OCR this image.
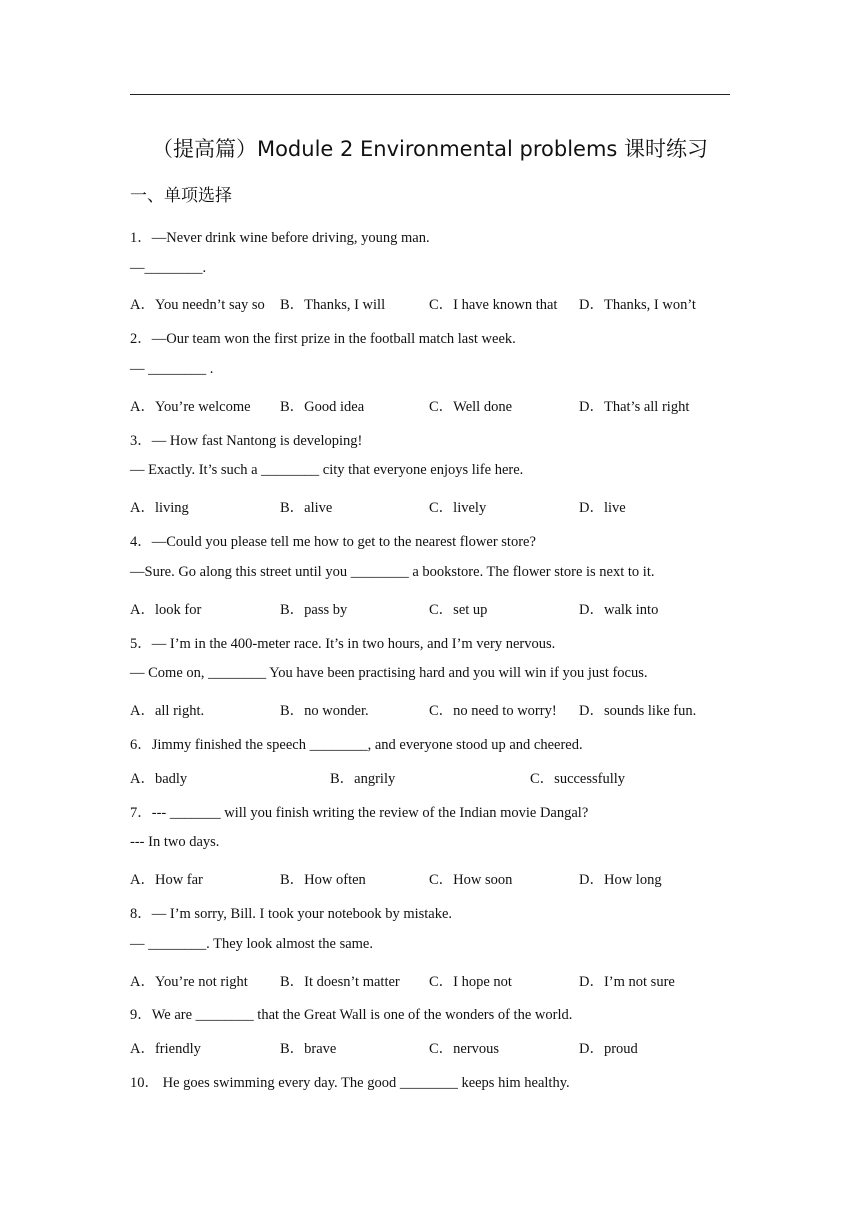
（提高篇）Module 2 Environmental problems 课时练习
一、单项选择
1．—Never drink wine before driving, young man.
—________.
A．You needn’t say so B．Thanks, I will	C．I have known that D．Thanks, I won’t
2．—Our team won the first prize in the football match last week.
— ________ .
A．You’re welcome B．Good idea	C．Well done	D．That’s all right
3．— How fast Nantong is developing!
— Exactly. It’s such a ________ city that everyone enjoys life here.
A．living	B．alive	C．lively	D．live
4．—Could you please tell me how to get to the nearest flower store?
—Sure. Go along this street until you ________ a bookstore. The flower store is next to it.
A．look for	B．pass by	C．set up	D．walk into
5．— I’m in the 400-meter race. It’s in two hours, and I’m very nervous.
— Come on, ________ You have been practising hard and you will win if you just focus.
A．all right.	B．no wonder.	C．no need to worry! D．sounds like fun.
6．Jimmy finished the speech ________, and everyone stood up and cheered.
A．badly	B．angrily	C．successfully
7．--- _______ will you finish writing the review of the Indian movie Dangal?
--- In two days.
A．How far	B．How often	C．How soon	D．How long
8．— I’m sorry, Bill. I took your notebook by mistake.
— ________. They look almost the same.
A．You’re not right B．It doesn’t matter C．I hope not	D．I’m not sure
9．We are ________ that the Great Wall is one of the wonders of the world.
A．friendly	B．brave	C．nervous	D．proud
10． He goes swimming every day. The good ________ keeps him healthy.
